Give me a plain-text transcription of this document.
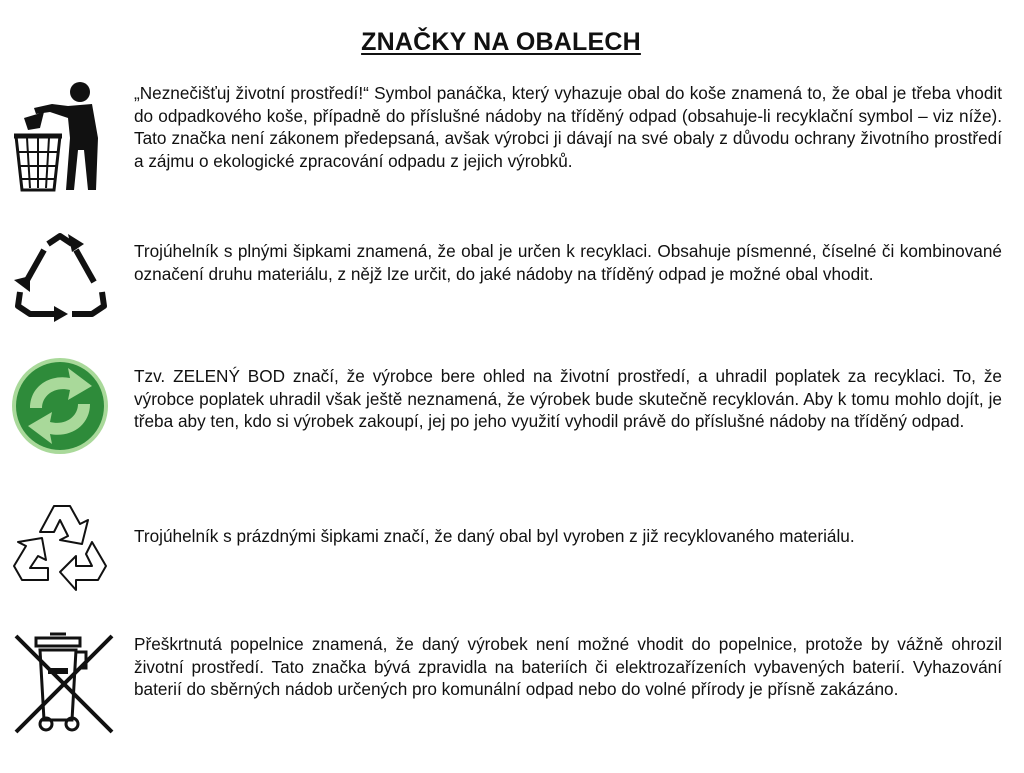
ZNAČKY NA OBALECH
„Neznečišťuj životní prostředí!“ Symbol panáčka, který vyhazuje obal do koše znamená to, že obal je třeba vhodit do odpadkového koše, případně do příslušné nádoby na tříděný odpad (obsahuje-li recyklační symbol – viz níže). Tato značka není zákonem předepsaná, avšak výrobci ji dávají na své obaly z důvodu ochrany životního prostředí a zájmu o ekologické zpracování odpadu z jejich výrobků.
Trojúhelník s plnými šipkami znamená, že obal je určen k recyklaci. Obsahuje písmenné, číselné či kombinované označení druhu materiálu, z nějž lze určit, do jaké nádoby na tříděný odpad je možné obal vhodit.
Tzv. ZELENÝ BOD značí, že výrobce bere ohled na životní prostředí, a uhradil poplatek za recyklaci. To, že výrobce poplatek uhradil však ještě neznamená, že výrobek bude skutečně recyklován. Aby k tomu mohlo dojít, je třeba aby ten, kdo si výrobek zakoupí, jej po jeho využití vyhodil právě do příslušné nádoby na tříděný odpad.
Trojúhelník s prázdnými šipkami značí, že daný obal byl vyroben z již recyklovaného materiálu.
Přeškrtnutá popelnice znamená, že daný výrobek není možné vhodit do popelnice, protože by vážně ohrozil životní prostředí. Tato značka bývá zpravidla na bateriích či elektrozařízeních vybavených baterií. Vyhazování baterií do sběrných nádob určených pro komunální odpad nebo do volné přírody je přísně zakázáno.
